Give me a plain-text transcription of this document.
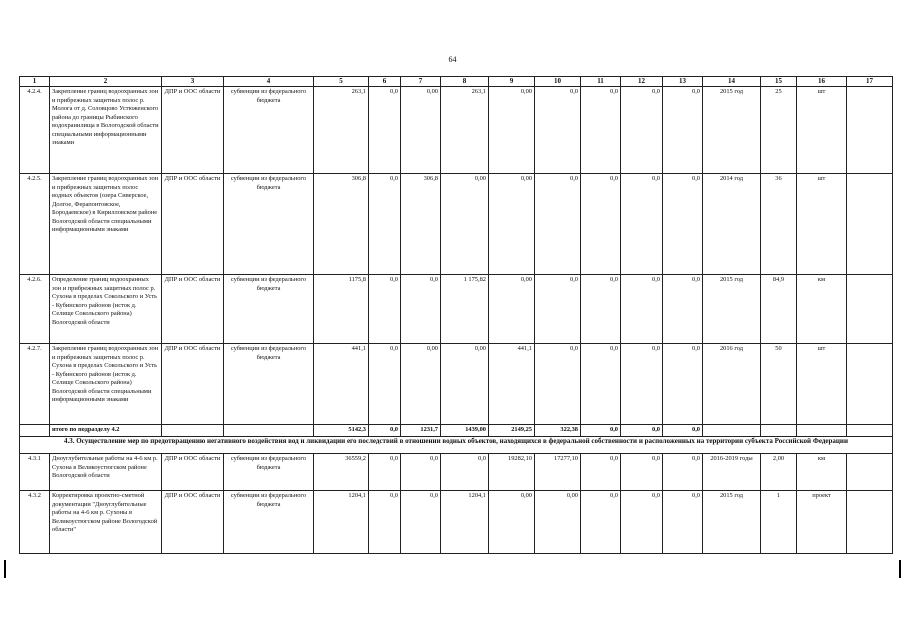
64
1	2	3	4	5	6	7	8	9	10	11	12	13	14	15	16	17
4.2.4.	Закрепление границ водоохранных зон и прибрежных защитных полос р. Молога от д. Соловцово Устюженского района до границы Рыбинского водохранилища в Вологодской области специальными информационными знаками	ДПР и ООС области	субвенции из федерального бюджета	263,1	0,0	0,00	263,1	0,00	0,0	0,0	0,0	0,0	2015 год	25	шт	
4.2.5.	Закрепление границ водоохранных зон и прибрежных защитных полос водных объектов (озера Сиверское, Долгое, Ферапонтовское, Бородаевское) в Кирилловском районе Вологодской области специальными информационными знаками	ДПР и ООС области	субвенции из федерального бюджета	306,8	0,0	306,8	0,00	0,00	0,0	0,0	0,0	0,0	2014 год	36	шт	
4.2.6.	Определение границ водоохранных зон и прибрежных защитных полос р. Сухона в пределах Сокольского и Усть - Кубинского районов (исток д. Селище Сокольского района) Вологодской области	ДПР и ООС области	субвенции из федерального бюджета	1175,8	0,0	0,0	1 175,82	0,00	0,0	0,0	0,0	0,0	2015 год	84,9	км	
4.2.7.	Закрепление границ водоохранных зон и прибрежных защитных полос р. Сухона в пределах Сокольского и Усть - Кубинского районов (исток д. Селище Сокольского района) Вологодской области специальными информационными знаками	ДПР и ООС области	субвенции из федерального бюджета	441,1	0,0	0,00	0,00	441,1	0,0	0,0	0,0	0,0	2016 год	50	шт	
	итого по подразделу 4.2			5142,3	0,0	1231,7	1439,00	2149,25	322,38	0,0	0,0	0,0				
4.3. Осуществление мер по предотвращению негативного воздействия вод и ликвидации его последствий в отношении водных объектов, находящихся в федеральной собственности и расположенных на территории субъекта Российской Федерации																
4.3.1	Дноуглубительные работы на 4-6 км р. Сухона в Великоустюгском районе Вологодской области	ДПР и ООС области	субвенции из федерального бюджета	36559,2	0,0	0,0	0,0	19282,10	17277,10	0,0	0,0	0,0	2016-2019 годы	2,00	км	
4.3.2	Корректировка проектно-сметной документации "Дноуглубительные работы на 4-6 км р. Сухоны в Великоустюгском районе Вологодской области"	ДПР и ООС области	субвенции из федерального бюджета	1204,1	0,0	0,0	1204,1	0,00	0,00	0,0	0,0	0,0	2015 год	1	проект	
